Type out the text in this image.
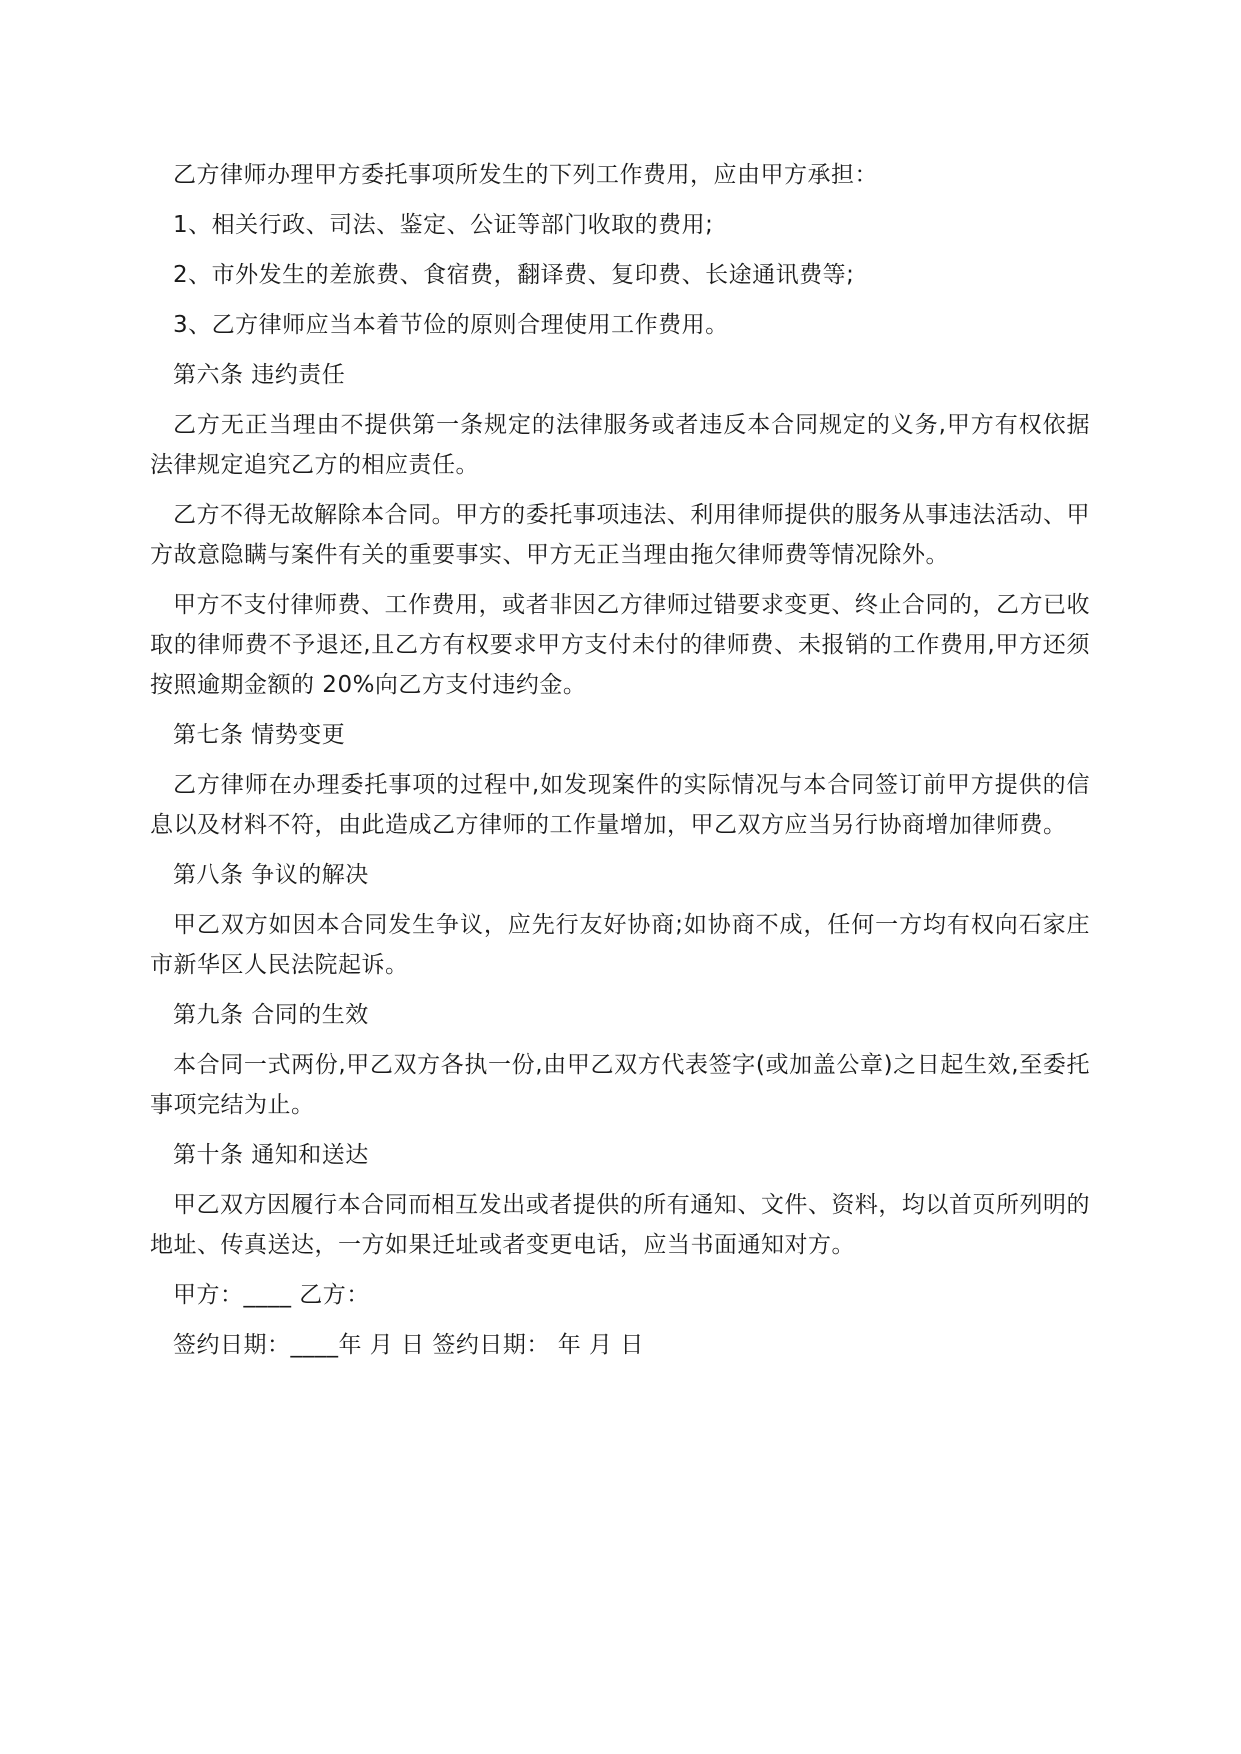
乙方律师办理甲方委托事项所发生的下列工作费用，应由甲方承担：

1、相关行政、司法、鉴定、公证等部门收取的费用;

2、市外发生的差旅费、食宿费，翻译费、复印费、长途通讯费等;

3、乙方律师应当本着节俭的原则合理使用工作费用。

第六条 违约责任

乙方无正当理由不提供第一条规定的法律服务或者违反本合同规定的义务,甲方有权依据法律规定追究乙方的相应责任。

乙方不得无故解除本合同。甲方的委托事项违法、利用律师提供的服务从事违法活动、甲方故意隐瞒与案件有关的重要事实、甲方无正当理由拖欠律师费等情况除外。

甲方不支付律师费、工作费用，或者非因乙方律师过错要求变更、终止合同的，乙方已收取的律师费不予退还,且乙方有权要求甲方支付未付的律师费、未报销的工作费用,甲方还须按照逾期金额的 20%向乙方支付违约金。

第七条 情势变更

乙方律师在办理委托事项的过程中,如发现案件的实际情况与本合同签订前甲方提供的信息以及材料不符，由此造成乙方律师的工作量增加，甲乙双方应当另行协商增加律师费。

第八条 争议的解决

甲乙双方如因本合同发生争议，应先行友好协商;如协商不成，任何一方均有权向石家庄市新华区人民法院起诉。

第九条 合同的生效

本合同一式两份,甲乙双方各执一份,由甲乙双方代表签字(或加盖公章)之日起生效,至委托事项完结为止。

第十条 通知和送达

甲乙双方因履行本合同而相互发出或者提供的所有通知、文件、资料，均以首页所列明的地址、传真送达，一方如果迁址或者变更电话，应当书面通知对方。

甲方：____ 乙方：

签约日期：____年 月 日 签约日期： 年 月 日
